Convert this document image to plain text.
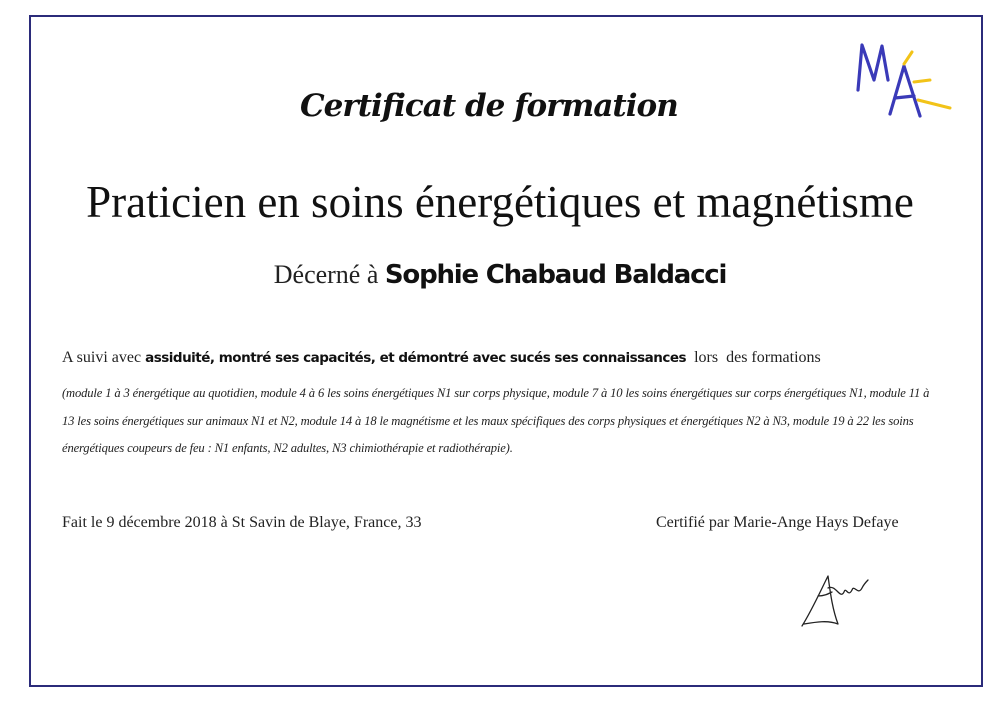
Certificat de formation
Praticien en soins énergétiques et magnétisme
Décerné à Sophie Chabaud Baldacci
A suivi avec assiduité, montré ses capacités, et démontré avec sucés ses connaissances  lors  des formations
(module 1 à 3 énergétique au quotidien, module 4 à 6 les soins énergétiques N1 sur corps physique, module 7 à 10 les soins énergétiques sur corps énergétiques N1, module 11 à 13 les soins énergétiques sur animaux N1 et N2, module 14 à 18 le magnétisme et les maux spécifiques des corps physiques et énergétiques N2 à N3, module 19 à 22 les soins énergétiques coupeurs de feu : N1 enfants, N2 adultes, N3 chimiothérapie et radiothérapie).
Fait le 9 décembre 2018 à St Savin de Blaye, France, 33	Certifié par Marie-Ange Hays Defaye
